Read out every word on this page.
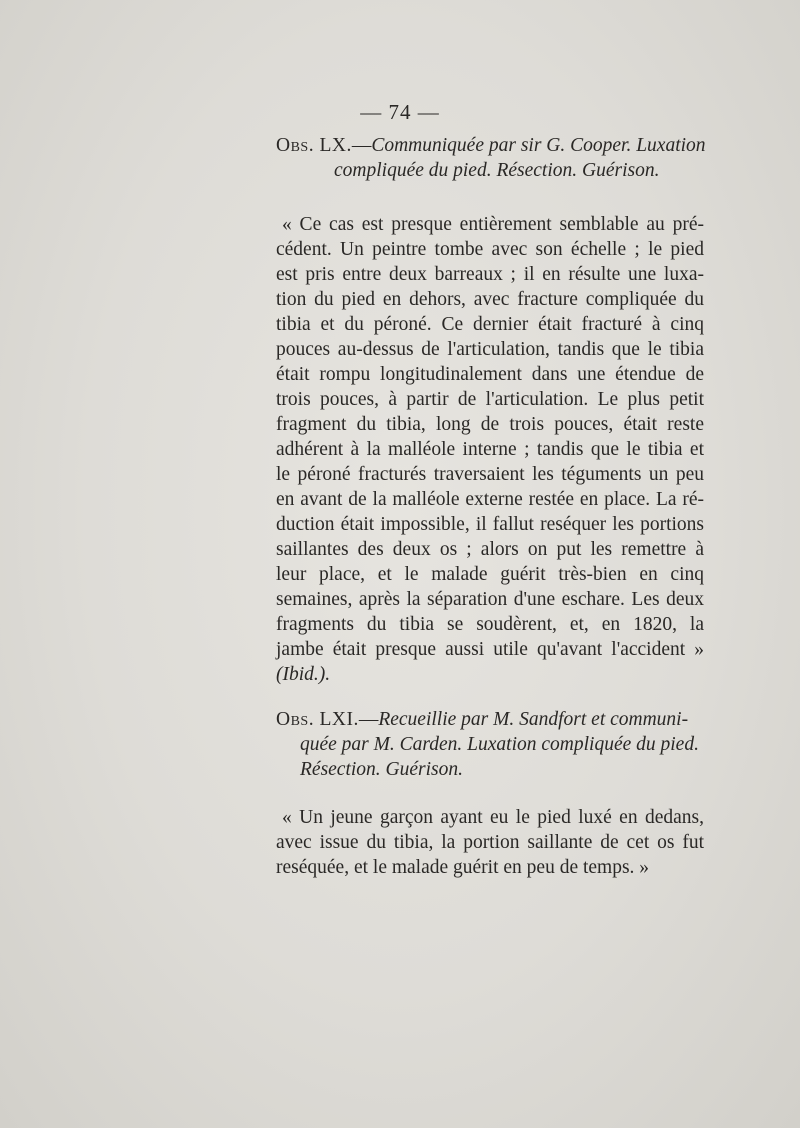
— 74 —
Obs. LX.—Communiquée par sir G. Cooper. Luxation
compliquée du pied. Résection. Guérison.
« Ce cas est presque entièrement semblable au pré-
cédent. Un peintre tombe avec son échelle ; le pied
est pris entre deux barreaux ; il en résulte une luxa-
tion du pied en dehors, avec fracture compliquée du
tibia et du péroné. Ce dernier était fracturé à cinq
pouces au-dessus de l'articulation, tandis que le tibia
était rompu longitudinalement dans une étendue de
trois pouces, à partir de l'articulation. Le plus petit
fragment du tibia, long de trois pouces, était reste
adhérent à la malléole interne ; tandis que le tibia et
le péroné fracturés traversaient les téguments un peu
en avant de la malléole externe restée en place. La ré-
duction était impossible, il fallut reséquer les portions
saillantes des deux os ; alors on put les remettre à
leur place, et le malade guérit très-bien en cinq
semaines, après la séparation d'une eschare. Les deux
fragments du tibia se soudèrent, et, en 1820, la
jambe était presque aussi utile qu'avant l'accident »
(Ibid.).
Obs. LXI.—Recueillie par M. Sandfort et communi-
quée par M. Carden. Luxation compliquée du pied.
Résection. Guérison.
« Un jeune garçon ayant eu le pied luxé en dedans,
avec issue du tibia, la portion saillante de cet os fut
reséquée, et le malade guérit en peu de temps. »
